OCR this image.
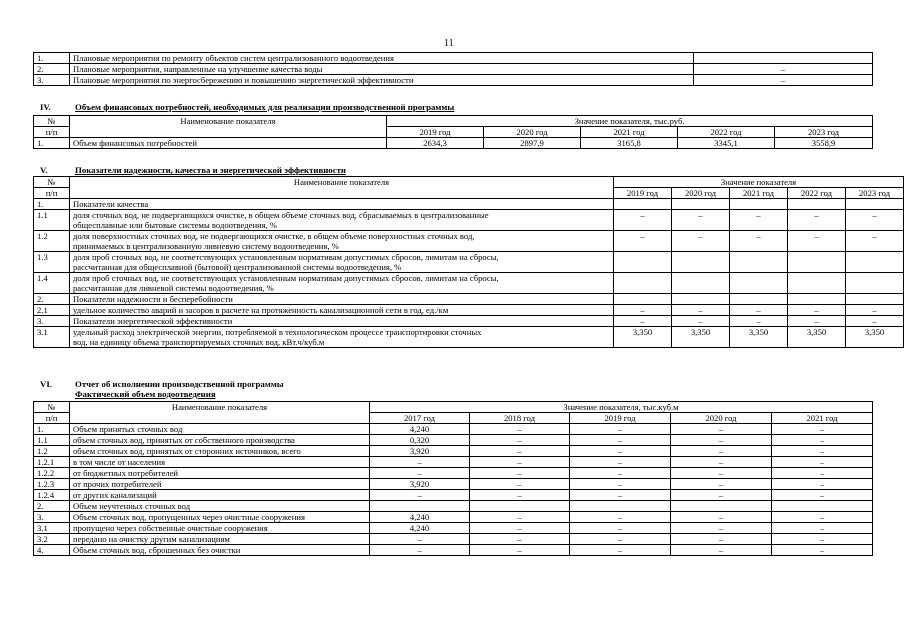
11
1.	Плановые мероприятия по ремонту объектов систем централизованного водоотведения	
2.	Плановые мероприятия, направленные на улучшение качества воды	–
3.	Плановые мероприятия по энергосбережению и повышению энергетической эффективности	–
IV.	Объем финансовых потребностей, необходимых для реализации производственной программы
№	Наименование показателя	Значение показателя, тыс.руб.				
п/п		2019 год	2020 год	2021 год	2022 год	2023 год
1.	Объем финансовых потребностей	2634,3	2897,9	3165,8	3345,1	3558,9
V.	Показатели надежности, качества и энергетической эффективности
№	Наименование показателя	Значение показателя				
п/п		2019 год	2020 год	2021 год	2022 год	2023 год
1.	Показатели качества					

1.1	доля сточных вод, не подвергающихся очистке, в общем объеме сточных вод, сбрасываемых в централизованные
общесплавные или бытовые системы водоотведения, %	–	–	–	–	–
1.2	доля поверхностных сточных вод, не подвергающихся очистке, в общем объеме поверхностных сточных вод,
принимаемых в централизованную ливневую систему водоотведения, %	–	–	–	–	–
1.3	доля проб сточных вод, не соответствующих установленным нормативам допустимых сбросов, лимитам на сбросы,
рассчитанная для общесплавной (бытовой) централизованной системы водоотведения, %					

1.4	доля проб сточных вод, не соответствующих установленным нормативам допустимых сбросов, лимитам на сбросы,
рассчитанная для ливневой системы водоотведения, %					

2.	Показатели надежности и бесперебойности					

2.1	удельное количество аварий и засоров в расчете на протяженность канализационной сети в год, ед./км	–	–	–	–	–
3.	Показатели энергетической эффективности	–	–	–	–	–
3.1	удельный расход электрической энергии, потребляемой в технологическом процессе транспортировки сточных
вод, на единицу объема транспортируемых сточных вод, кВт.ч/куб.м	3,350	3,350	3,350	3,350	3,350
VI.	Отчет об исполнении производственной программы
Фактический объем водоотведения
№	Наименование показателя	Значение показателя, тыс.куб.м				
п/п		2017 год	2018 год	2019 год	2020 год	2021 год
1.	Объем принятых сточных вод	4,240	–	–	–	–
1.1	объем сточных вод, принятых от собственного производства	0,320	–	–	–	–
1.2	объем сточных вод, принятых от сторонних источников, всего	3,920	–	–	–	–
1.2.1	в том числе от населения	–	–	–	–	–
1.2.2	от бюджетных потребителей	–	–	–	–	–
1.2.3	от прочих потребителей	3,920	–	–	–	–
1.2.4	от других канализаций	–	–	–	–	–
2.	Объем неучтенных сточных вод					
3.	Объем сточных вод, пропущенных через очистные сооружения	4,240	–	–	–	–
3.1	пропущено через собственные очистные сооружения	4,240	–	–	–	–
3.2	передано на очистку другим канализациям	–	–	–	–	–
4.	Объем сточных вод, сброшенных без очистки	–	–	–	–	–
